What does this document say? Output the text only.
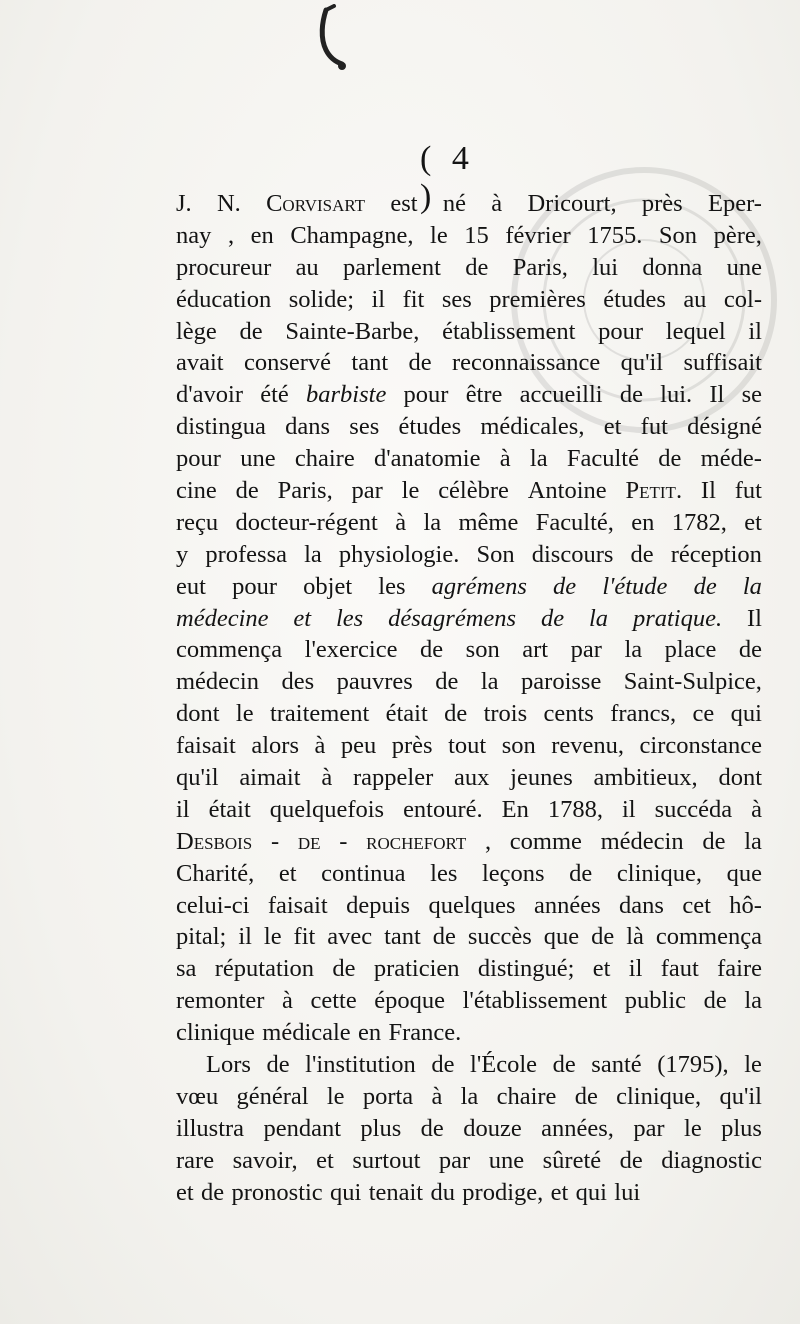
( 4 )
J. N. Corvisart est né à Dricourt, près Eper-
nay , en Champagne, le 15 février 1755. Son père,
procureur au parlement de Paris, lui donna une
éducation solide; il fit ses premières études au col-
lège de Sainte-Barbe, établissement pour lequel il
avait conservé tant de reconnaissance qu'il suffisait
d'avoir été barbiste pour être accueilli de lui. Il se
distingua dans ses études médicales, et fut désigné
pour une chaire d'anatomie à la Faculté de méde-
cine de Paris, par le célèbre Antoine Petit. Il fut
reçu docteur-régent à la même Faculté, en 1782, et
y professa la physiologie. Son discours de réception
eut pour objet les agrémens de l'étude de la
médecine et les désagrémens de la pratique. Il
commença l'exercice de son art par la place de
médecin des pauvres de la paroisse Saint-Sulpice,
dont le traitement était de trois cents francs, ce qui
faisait alors à peu près tout son revenu, circonstance
qu'il aimait à rappeler aux jeunes ambitieux, dont
il était quelquefois entouré. En 1788, il succéda à
Desbois - de - rochefort , comme médecin de la
Charité, et continua les leçons de clinique, que
celui-ci faisait depuis quelques années dans cet hô-
pital; il le fit avec tant de succès que de là commença
sa réputation de praticien distingué; et il faut faire
remonter à cette époque l'établissement public de la
clinique médicale en France.
Lors de l'institution de l'École de santé (1795), le
vœu général le porta à la chaire de clinique, qu'il
illustra pendant plus de douze années, par le plus
rare savoir, et surtout par une sûreté de diagnostic
et de pronostic qui tenait du prodige, et qui lui
